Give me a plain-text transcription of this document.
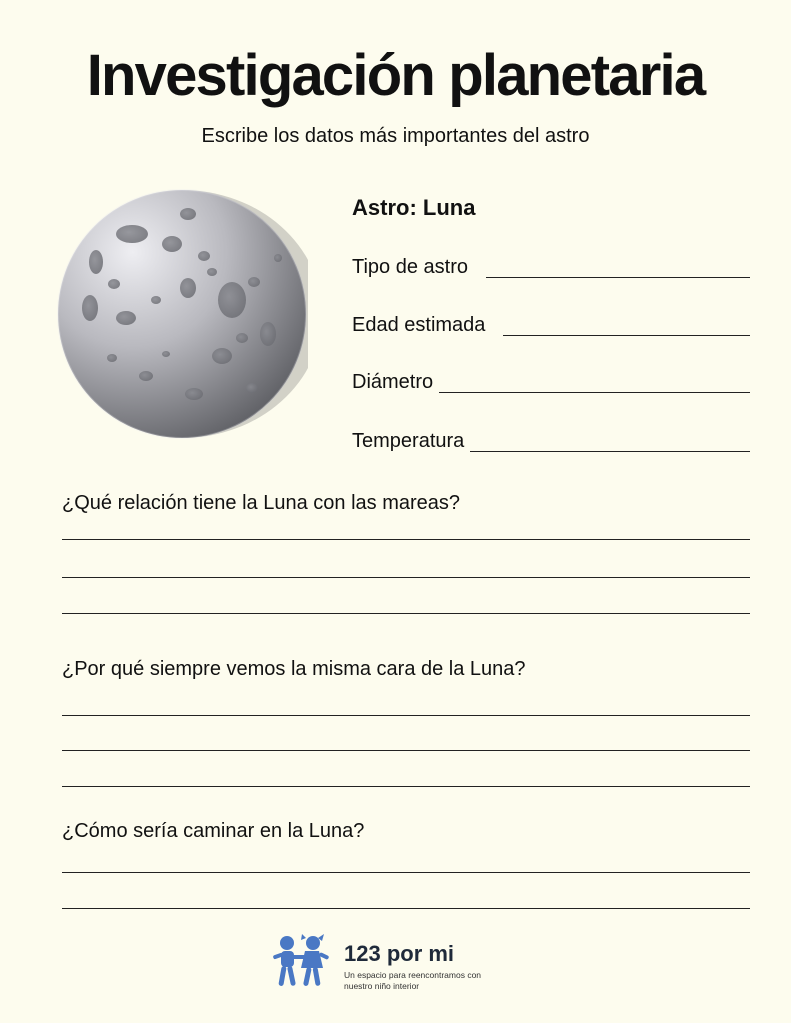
Investigación planetaria
Escribe los datos más importantes del astro
Astro: Luna
Tipo de astro
Edad estimada
Diámetro
Temperatura
¿Qué relación tiene la Luna con las mareas?
¿Por qué siempre vemos la misma cara de la Luna?
¿Cómo sería caminar en la Luna?
123 por mi
Un espacio para reencontramos con nuestro niño interior
